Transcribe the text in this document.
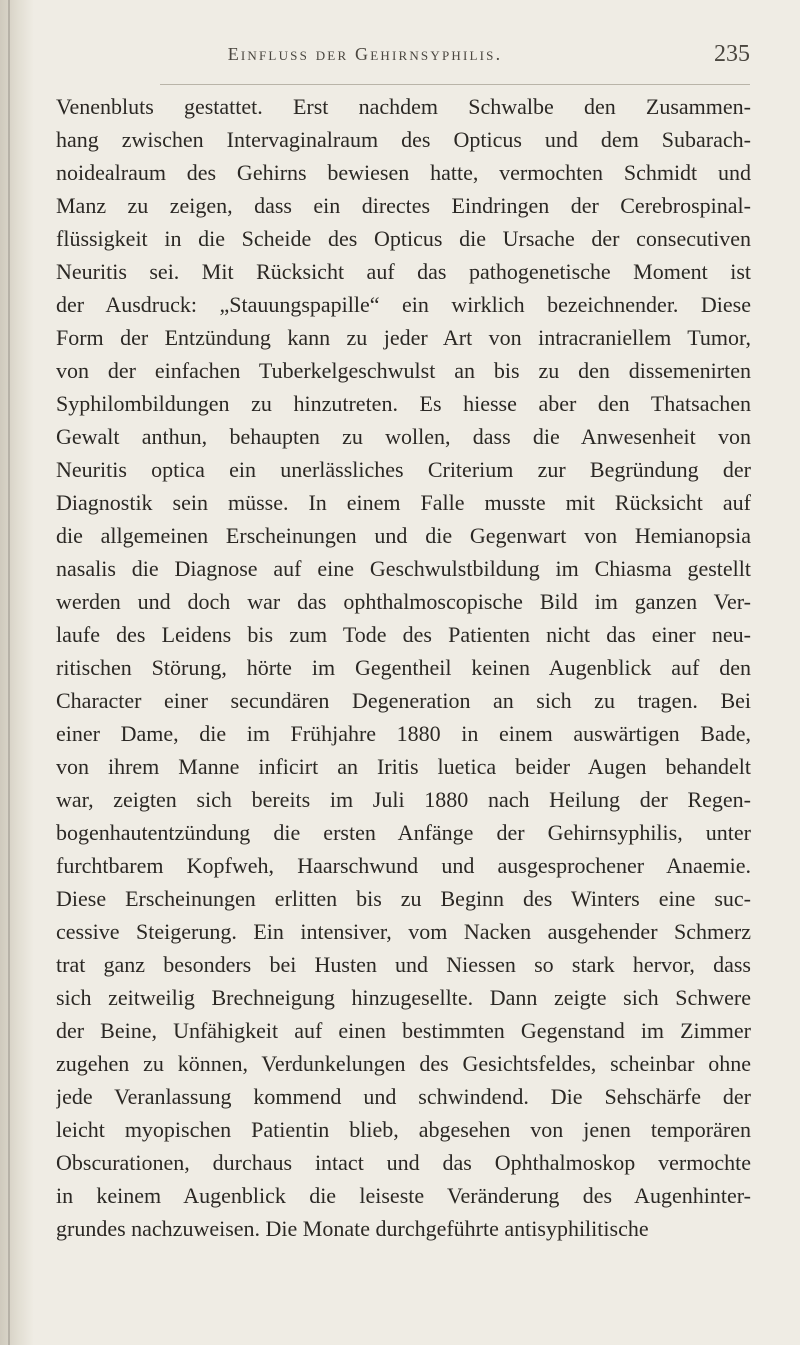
Einfluss der Gehirnsyphilis.	235
Venenbluts gestattet. Erst nachdem Schwalbe den Zusammen-
hang zwischen Intervaginalraum des Opticus und dem Subarach-
noidealraum des Gehirns bewiesen hatte, vermochten Schmidt und
Manz zu zeigen, dass ein directes Eindringen der Cerebrospinal-
flüssigkeit in die Scheide des Opticus die Ursache der consecutiven
Neuritis sei. Mit Rücksicht auf das pathogenetische Moment ist
der Ausdruck: „Stauungspapille“ ein wirklich bezeichnender. Diese
Form der Entzündung kann zu jeder Art von intracraniellem Tumor,
von der einfachen Tuberkelgeschwulst an bis zu den dissemenirten
Syphilombildungen zu hinzutreten. Es hiesse aber den Thatsachen
Gewalt anthun, behaupten zu wollen, dass die Anwesenheit von
Neuritis optica ein unerlässliches Criterium zur Begründung der
Diagnostik sein müsse. In einem Falle musste mit Rücksicht auf
die allgemeinen Erscheinungen und die Gegenwart von Hemianopsia
nasalis die Diagnose auf eine Geschwulstbildung im Chiasma gestellt
werden und doch war das ophthalmoscopische Bild im ganzen Ver-
laufe des Leidens bis zum Tode des Patienten nicht das einer neu-
ritischen Störung, hörte im Gegentheil keinen Augenblick auf den
Character einer secundären Degeneration an sich zu tragen. Bei
einer Dame, die im Frühjahre 1880 in einem auswärtigen Bade,
von ihrem Manne inficirt an Iritis luetica beider Augen behandelt
war, zeigten sich bereits im Juli 1880 nach Heilung der Regen-
bogenhautentzündung die ersten Anfänge der Gehirnsyphilis, unter
furchtbarem Kopfweh, Haarschwund und ausgesprochener Anaemie.
Diese Erscheinungen erlitten bis zu Beginn des Winters eine suc-
cessive Steigerung. Ein intensiver, vom Nacken ausgehender Schmerz
trat ganz besonders bei Husten und Niessen so stark hervor, dass
sich zeitweilig Brechneigung hinzugesellte. Dann zeigte sich Schwere
der Beine, Unfähigkeit auf einen bestimmten Gegenstand im Zimmer
zugehen zu können, Verdunkelungen des Gesichtsfeldes, scheinbar ohne
jede Veranlassung kommend und schwindend. Die Sehschärfe der
leicht myopischen Patientin blieb, abgesehen von jenen temporären
Obscurationen, durchaus intact und das Ophthalmoskop vermochte
in keinem Augenblick die leiseste Veränderung des Augenhinter-
grundes nachzuweisen. Die Monate durchgeführte antisyphilitische
